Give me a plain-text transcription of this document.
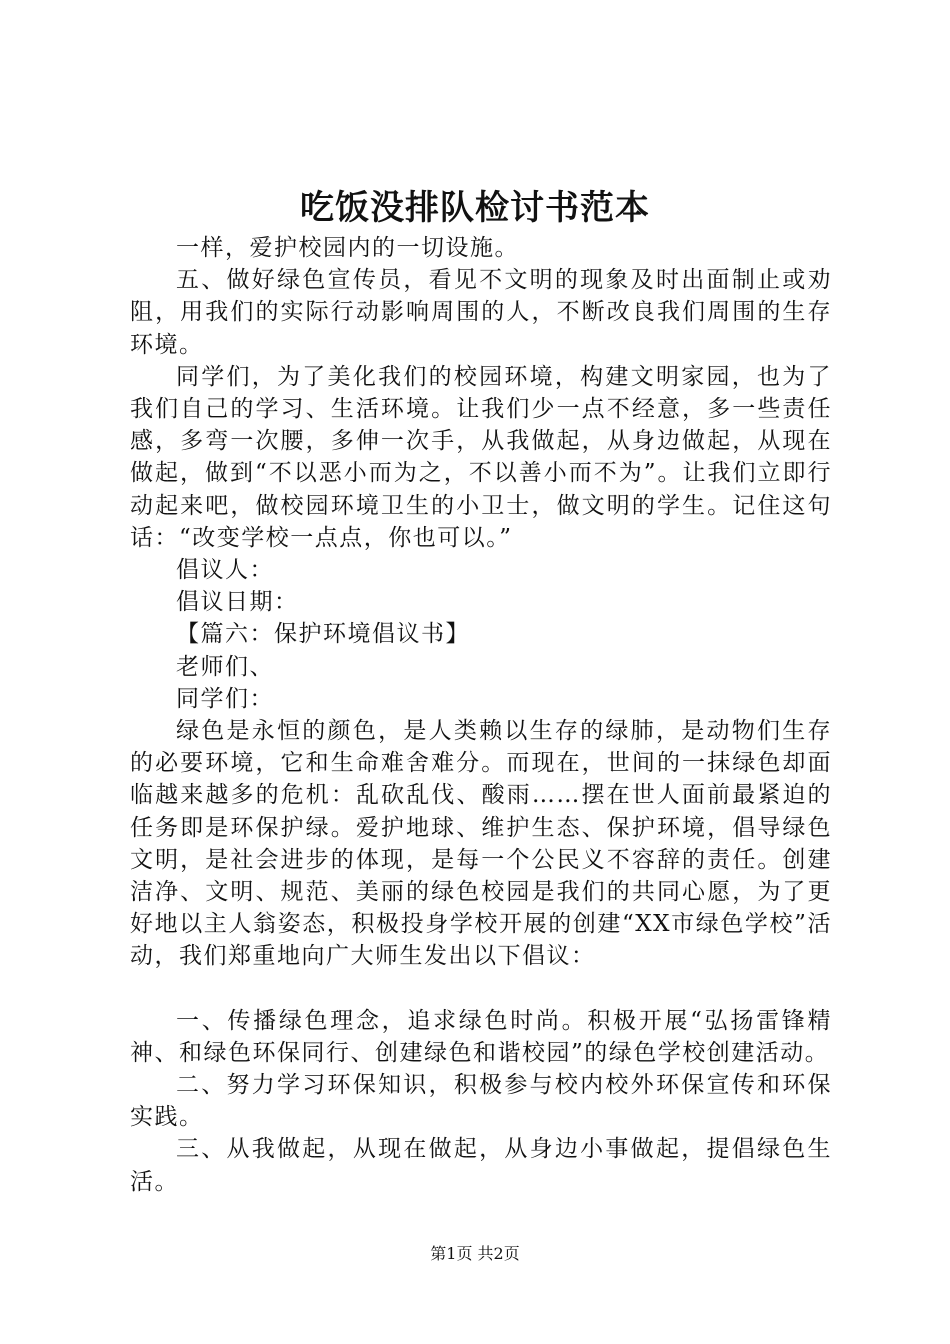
吃饭没排队检讨书范本

一样，爱护校园内的一切设施。

五、做好绿色宣传员，看见不文明的现象及时出面制止或劝阻，用我们的实际行动影响周围的人，不断改良我们周围的生存环境。

同学们，为了美化我们的校园环境，构建文明家园，也为了我们自己的学习、生活环境。让我们少一点不经意，多一些责任感，多弯一次腰，多伸一次手，从我做起，从身边做起，从现在做起，做到“不以恶小而为之，不以善小而不为”。让我们立即行动起来吧，做校园环境卫生的小卫士，做文明的学生。记住这句话：“改变学校一点点，你也可以。”

倡议人：

倡议日期：

【篇六：保护环境倡议书】

老师们、

同学们：

绿色是永恒的颜色，是人类赖以生存的绿肺，是动物们生存的必要环境，它和生命难舍难分。而现在，世间的一抹绿色却面临越来越多的危机：乱砍乱伐、酸雨……摆在世人面前最紧迫的任务即是环保护绿。爱护地球、维护生态、保护环境，倡导绿色文明，是社会进步的体现，是每一个公民义不容辞的责任。创建洁净、文明、规范、美丽的绿色校园是我们的共同心愿，为了更好地以主人翁姿态，积极投身学校开展的创建“XX市绿色学校”活动，我们郑重地向广大师生发出以下倡议：

一、传播绿色理念，追求绿色时尚。积极开展“弘扬雷锋精神、和绿色环保同行、创建绿色和谐校园”的绿色学校创建活动。

二、努力学习环保知识，积极参与校内校外环保宣传和环保实践。

三、从我做起，从现在做起，从身边小事做起，提倡绿色生活。

第1页 共2页
